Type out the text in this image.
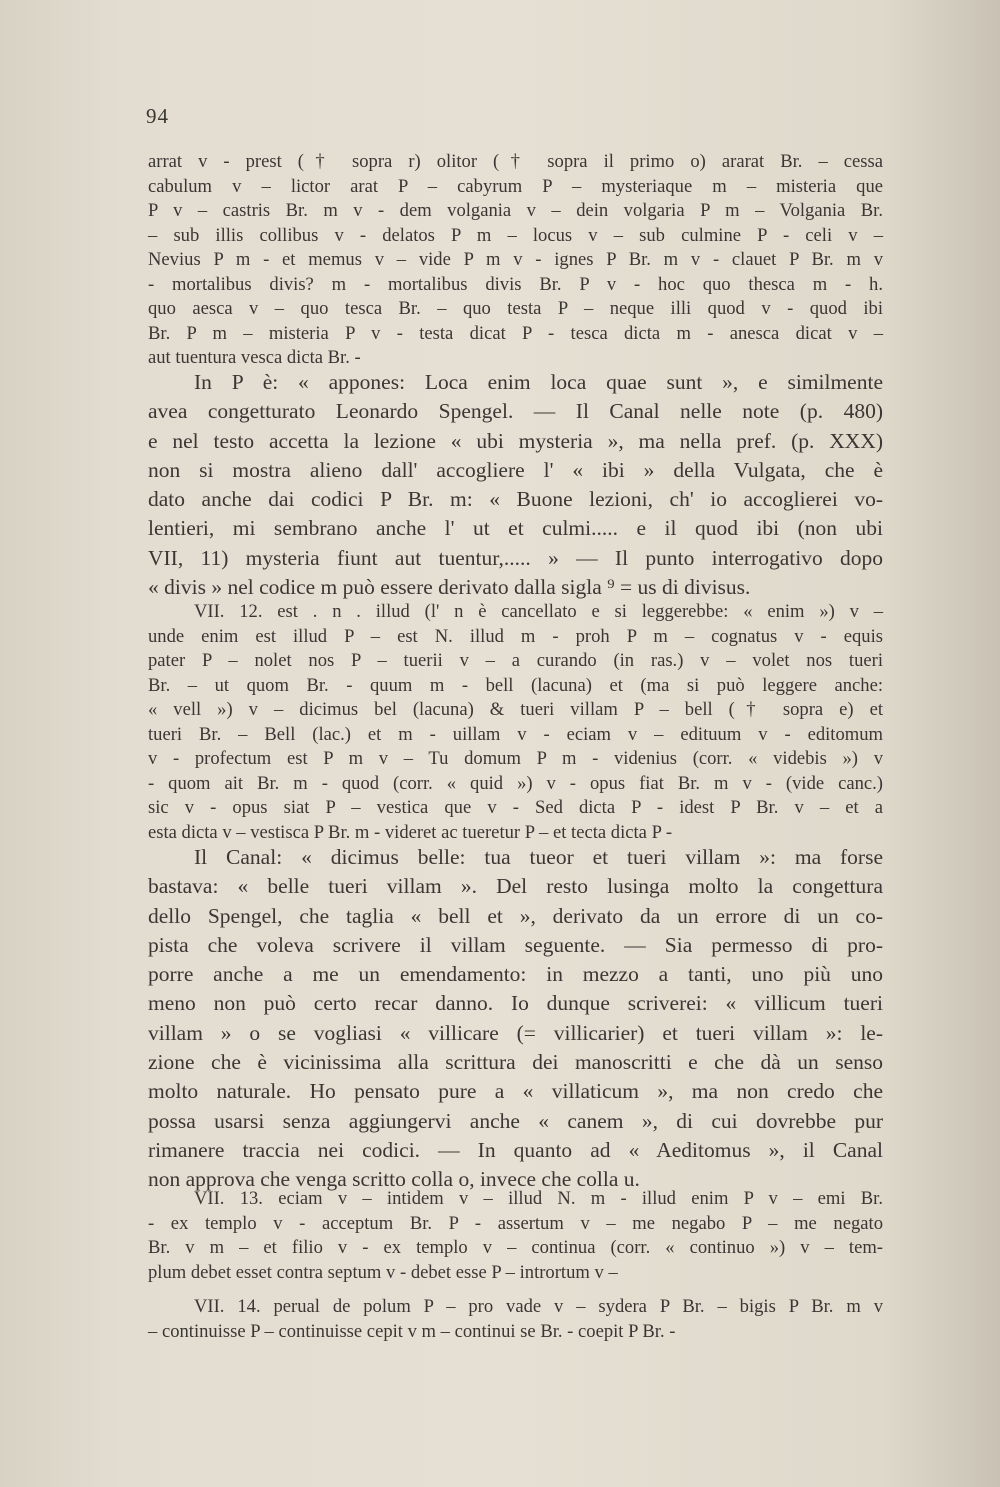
94
arrat v - prest († sopra r) olitor († sopra il primo o) ararat Br. – cessa
cabulum v – lictor arat P – cabyrum P – mysteriaque m – misteria que
P v – castris Br. m v - dem volgania v – dein volgaria P m – Volgania Br.
– sub illis collibus v - delatos P m – locus v – sub culmine P - celi v –
Nevius P m - et memus v – vide P m v - ignes P Br. m v - clauet P Br. m v
- mortalibus divis? m - mortalibus divis Br. P v - hoc quo thesca m - h.
quo aesca v – quo tesca Br. – quo testa P – neque illi quod v - quod ibi
Br. P m – misteria P v - testa dicat P - tesca dicta m - anesca dicat v –
aut tuentura vesca dicta Br. -
In P è: « appones: Loca enim loca quae sunt », e similmente
avea congetturato Leonardo Spengel. — Il Canal nelle note (p. 480)
e nel testo accetta la lezione « ubi mysteria », ma nella pref. (p. XXX)
non si mostra alieno dall' accogliere l' « ibi » della Vulgata, che è
dato anche dai codici P Br. m: « Buone lezioni, ch' io accoglierei vo-
lentieri, mi sembrano anche l' ut et culmi..... e il quod ibi (non ubi
VII, 11) mysteria fiunt aut tuentur,..... » — Il punto interrogativo dopo
« divis » nel codice m può essere derivato dalla sigla ⁹ = us di divisus.
VII. 12. est . n . illud (l' n è cancellato e si leggerebbe: « enim ») v –
unde enim est illud P – est N. illud m - proh P m – cognatus v - equis
pater P – nolet nos P – tuerii v – a curando (in ras.) v – volet nos tueri
Br. – ut quom Br. - quum m - bell (lacuna) et (ma si può leggere anche:
« vell ») v – dicimus bel (lacuna) & tueri villam P – bell († sopra e) et
tueri Br. – Bell (lac.) et m - uillam v - eciam v – edituum v - editomum
v - profectum est P m v – Tu domum P m - videnius (corr. « videbis ») v
- quom ait Br. m - quod (corr. « quid ») v - opus fiat Br. m v - (vide canc.)
sic v - opus siat P – vestica que v - Sed dicta P - idest P Br. v – et a
esta dicta v – vestisca P Br. m - videret ac tueretur P – et tecta dicta P -
Il Canal: « dicimus belle: tua tueor et tueri villam »: ma forse
bastava: « belle tueri villam ». Del resto lusinga molto la congettura
dello Spengel, che taglia « bell et », derivato da un errore di un co-
pista che voleva scrivere il villam seguente. — Sia permesso di pro-
porre anche a me un emendamento: in mezzo a tanti, uno più uno
meno non può certo recar danno. Io dunque scriverei: « villicum tueri
villam » o se vogliasi « villicare (= villicarier) et tueri villam »: le-
zione che è vicinissima alla scrittura dei manoscritti e che dà un senso
molto naturale. Ho pensato pure a « villaticum », ma non credo che
possa usarsi senza aggiungervi anche « canem », di cui dovrebbe pur
rimanere traccia nei codici. — In quanto ad « Aeditomus », il Canal
non approva che venga scritto colla o, invece che colla u.
VII. 13. eciam v – intidem v – illud N. m - illud enim P v – emi Br.
- ex templo v - acceptum Br. P - assertum v – me negabo P – me negato
Br. v m – et filio v - ex templo v – continua (corr. « continuo ») v – tem-
plum debet esset contra septum v - debet esse P – intrortum v –
VII. 14. perual de polum P – pro vade v – sydera P Br. – bigis P Br. m v
– continuisse P – continuisse cepit v m – continui se Br. - coepit P Br. -
